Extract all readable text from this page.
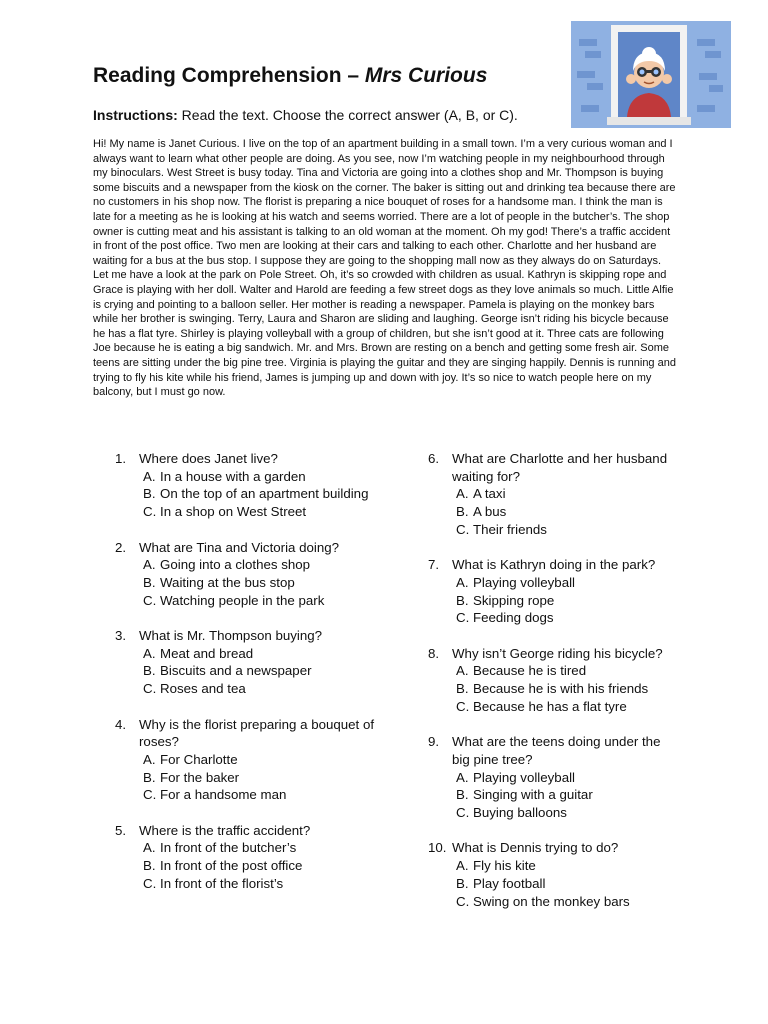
Reading Comprehension – Mrs Curious

Instructions: Read the text. Choose the correct answer (A, B, or C).

Hi! My name is Janet Curious. I live on the top of an apartment building in a small town. I’m a very curious woman and I always want to learn what other people are doing. As you see, now I’m watching people in my neighbourhood through my binoculars. West Street is busy today. Tina and Victoria are going into a clothes shop and Mr. Thompson is buying some biscuits and a newspaper from the kiosk on the corner. The baker is sitting out and drinking tea because there are no customers in his shop now. The florist is preparing a nice bouquet of roses for a handsome man. I think the man is late for a meeting as he is looking at his watch and seems worried. There are a lot of people in the butcher’s. The shop owner is cutting meat and his assistant is talking to an old woman at the moment. Oh my god! There’s a traffic accident in front of the post office. Two men are looking at their cars and talking to each other. Charlotte and her husband are waiting for a bus at the bus stop. I suppose they are going to the shopping mall now as they always do on Saturdays. Let me have a look at the park on Pole Street. Oh, it’s so crowded with children as usual. Kathryn is skipping rope and Grace is playing with her doll. Walter and Harold are feeding a few street dogs as they love animals so much. Little Alfie is crying and pointing to a balloon seller. Her mother is reading a newspaper. Pamela is playing on the monkey bars while her brother is swinging. Terry, Laura and Sharon are sliding and laughing. George isn’t riding his bicycle because he has a flat tyre. Shirley is playing volleyball with a group of children, but she isn’t good at it. Three cats are following Joe because he is eating a big sandwich. Mr. and Mrs. Brown are resting on a bench and getting some fresh air. Some teens are sitting under the big pine tree. Virginia is playing the guitar and they are singing happily. Dennis is running and trying to fly his kite while his friend, James is jumping up and down with joy. It’s so nice to watch people here on my balcony, but I must go now.

1. Where does Janet live?
A. In a house with a garden
B. On the top of an apartment building
C. In a shop on West Street
2. What are Tina and Victoria doing?
A. Going into a clothes shop
B. Waiting at the bus stop
C. Watching people in the park
3. What is Mr. Thompson buying?
A. Meat and bread
B. Biscuits and a newspaper
C. Roses and tea
4. Why is the florist preparing a bouquet of roses?
A. For Charlotte
B. For the baker
C. For a handsome man
5. Where is the traffic accident?
A. In front of the butcher’s
B. In front of the post office
C. In front of the florist’s
6. What are Charlotte and her husband waiting for?
A. A taxi
B. A bus
C. Their friends
7. What is Kathryn doing in the park?
A. Playing volleyball
B. Skipping rope
C. Feeding dogs
8. Why isn’t George riding his bicycle?
A. Because he is tired
B. Because he is with his friends
C. Because he has a flat tyre
9. What are the teens doing under the big pine tree?
A. Playing volleyball
B. Singing with a guitar
C. Buying balloons
10. What is Dennis trying to do?
A. Fly his kite
B. Play football
C. Swing on the monkey bars
